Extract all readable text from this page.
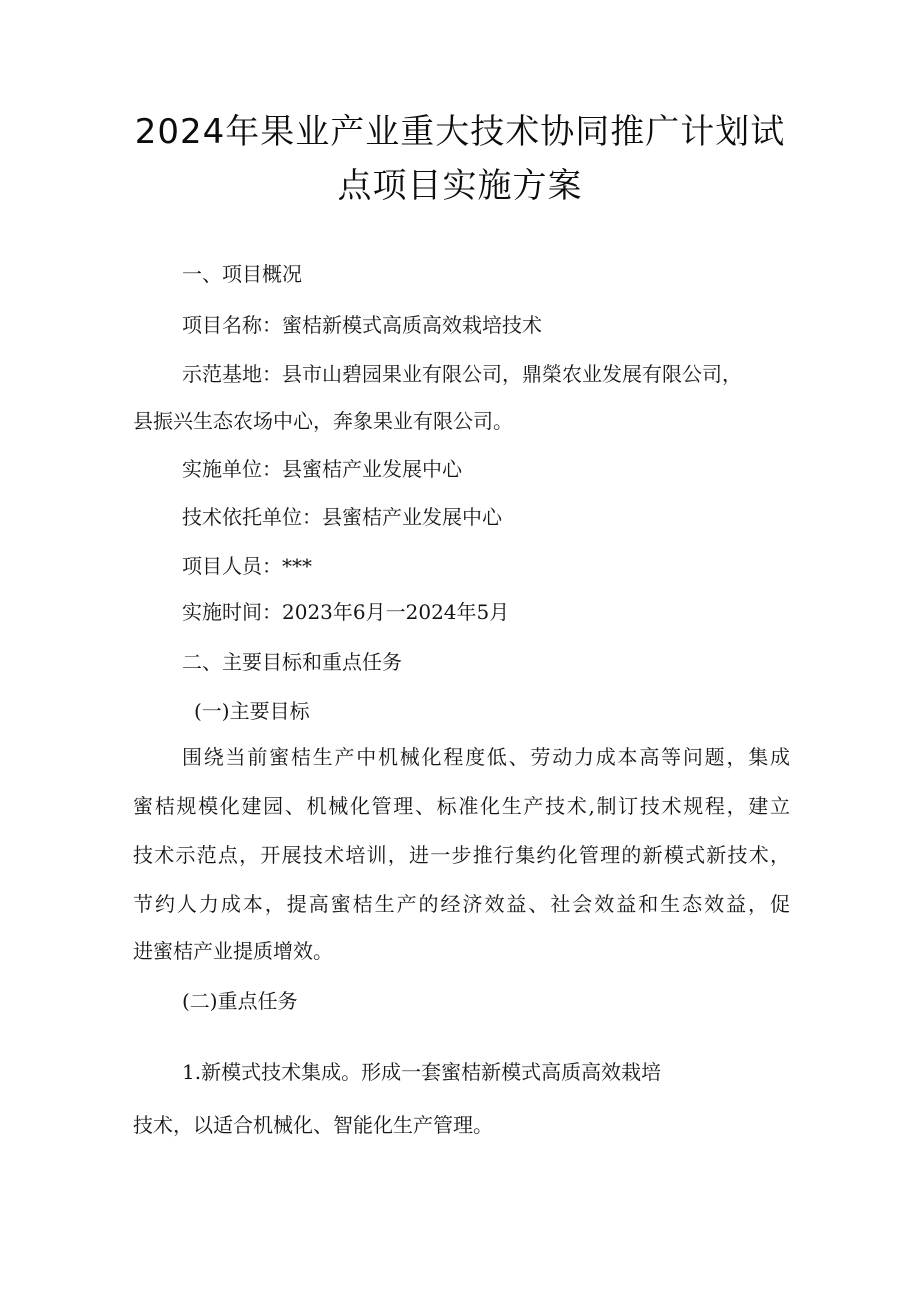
2024年果业产业重大技术协同推广计划试
点项目实施方案
一、项目概况
项目名称：蜜桔新模式高质高效栽培技术
示范基地：县市山碧园果业有限公司，鼎榮农业发展有限公司，
县振兴生态农场中心，奔象果业有限公司。
实施单位：县蜜桔产业发展中心
技术依托单位：县蜜桔产业发展中心
项目人员：***
实施时间：2023年6月一2024年5月
二、主要目标和重点任务
(一)主要目标
围绕当前蜜桔生产中机械化程度低、劳动力成本高等问题，集成
蜜桔规模化建园、机械化管理、标准化生产技术,制订技术规程，建立
技术示范点，开展技术培训，进一步推行集约化管理的新模式新技术，
节约人力成本，提高蜜桔生产的经济效益、社会效益和生态效益，促
进蜜桔产业提质增效。
(二)重点任务
1.新模式技术集成。形成一套蜜桔新模式高质高效栽培
技术，以适合机械化、智能化生产管理。
